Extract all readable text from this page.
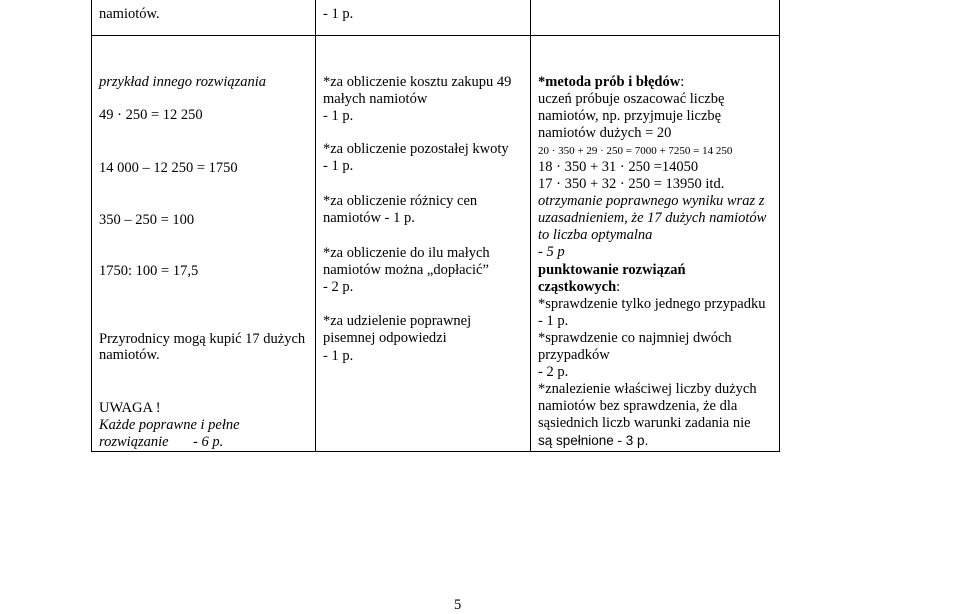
namiotów.	- 1 p.
przykład innego rozwiązania
49 · 250 = 12 250
14 000 – 12 250 = 1750
350 – 250 = 100
1750: 100 = 17,5
Przyrodnicy mogą kupić 17 dużych
namiotów.
UWAGA !
Każde poprawne i pełne
rozwiązanie - 6 p.
*za obliczenie kosztu zakupu 49
małych namiotów
- 1 p.
*za obliczenie pozostałej kwoty
- 1 p.
*za obliczenie różnicy cen
namiotów - 1 p.
*za obliczenie do ilu małych
namiotów można „dopłacić”
- 2 p.
*za udzielenie poprawnej
pisemnej odpowiedzi
- 1 p.
*metoda prób i błędów:
uczeń próbuje oszacować liczbę
namiotów, np. przyjmuje liczbę
namiotów dużych = 20
20 · 350 + 29 · 250 = 7000 + 7250 = 14 250
18 · 350 + 31 · 250 =14050
17 · 350 + 32 · 250 = 13950 itd.
otrzymanie poprawnego wyniku wraz z
uzasadnieniem, że 17 dużych namiotów
to liczba optymalna
- 5 p
punktowanie rozwiązań
cząstkowych:
*sprawdzenie tylko jednego przypadku
- 1 p.
*sprawdzenie co najmniej dwóch
przypadków
- 2 p.
*znalezienie właściwej liczby dużych
namiotów bez sprawdzenia, że dla
sąsiednich liczb warunki zadania nie
są spełnione - 3 p.
5
